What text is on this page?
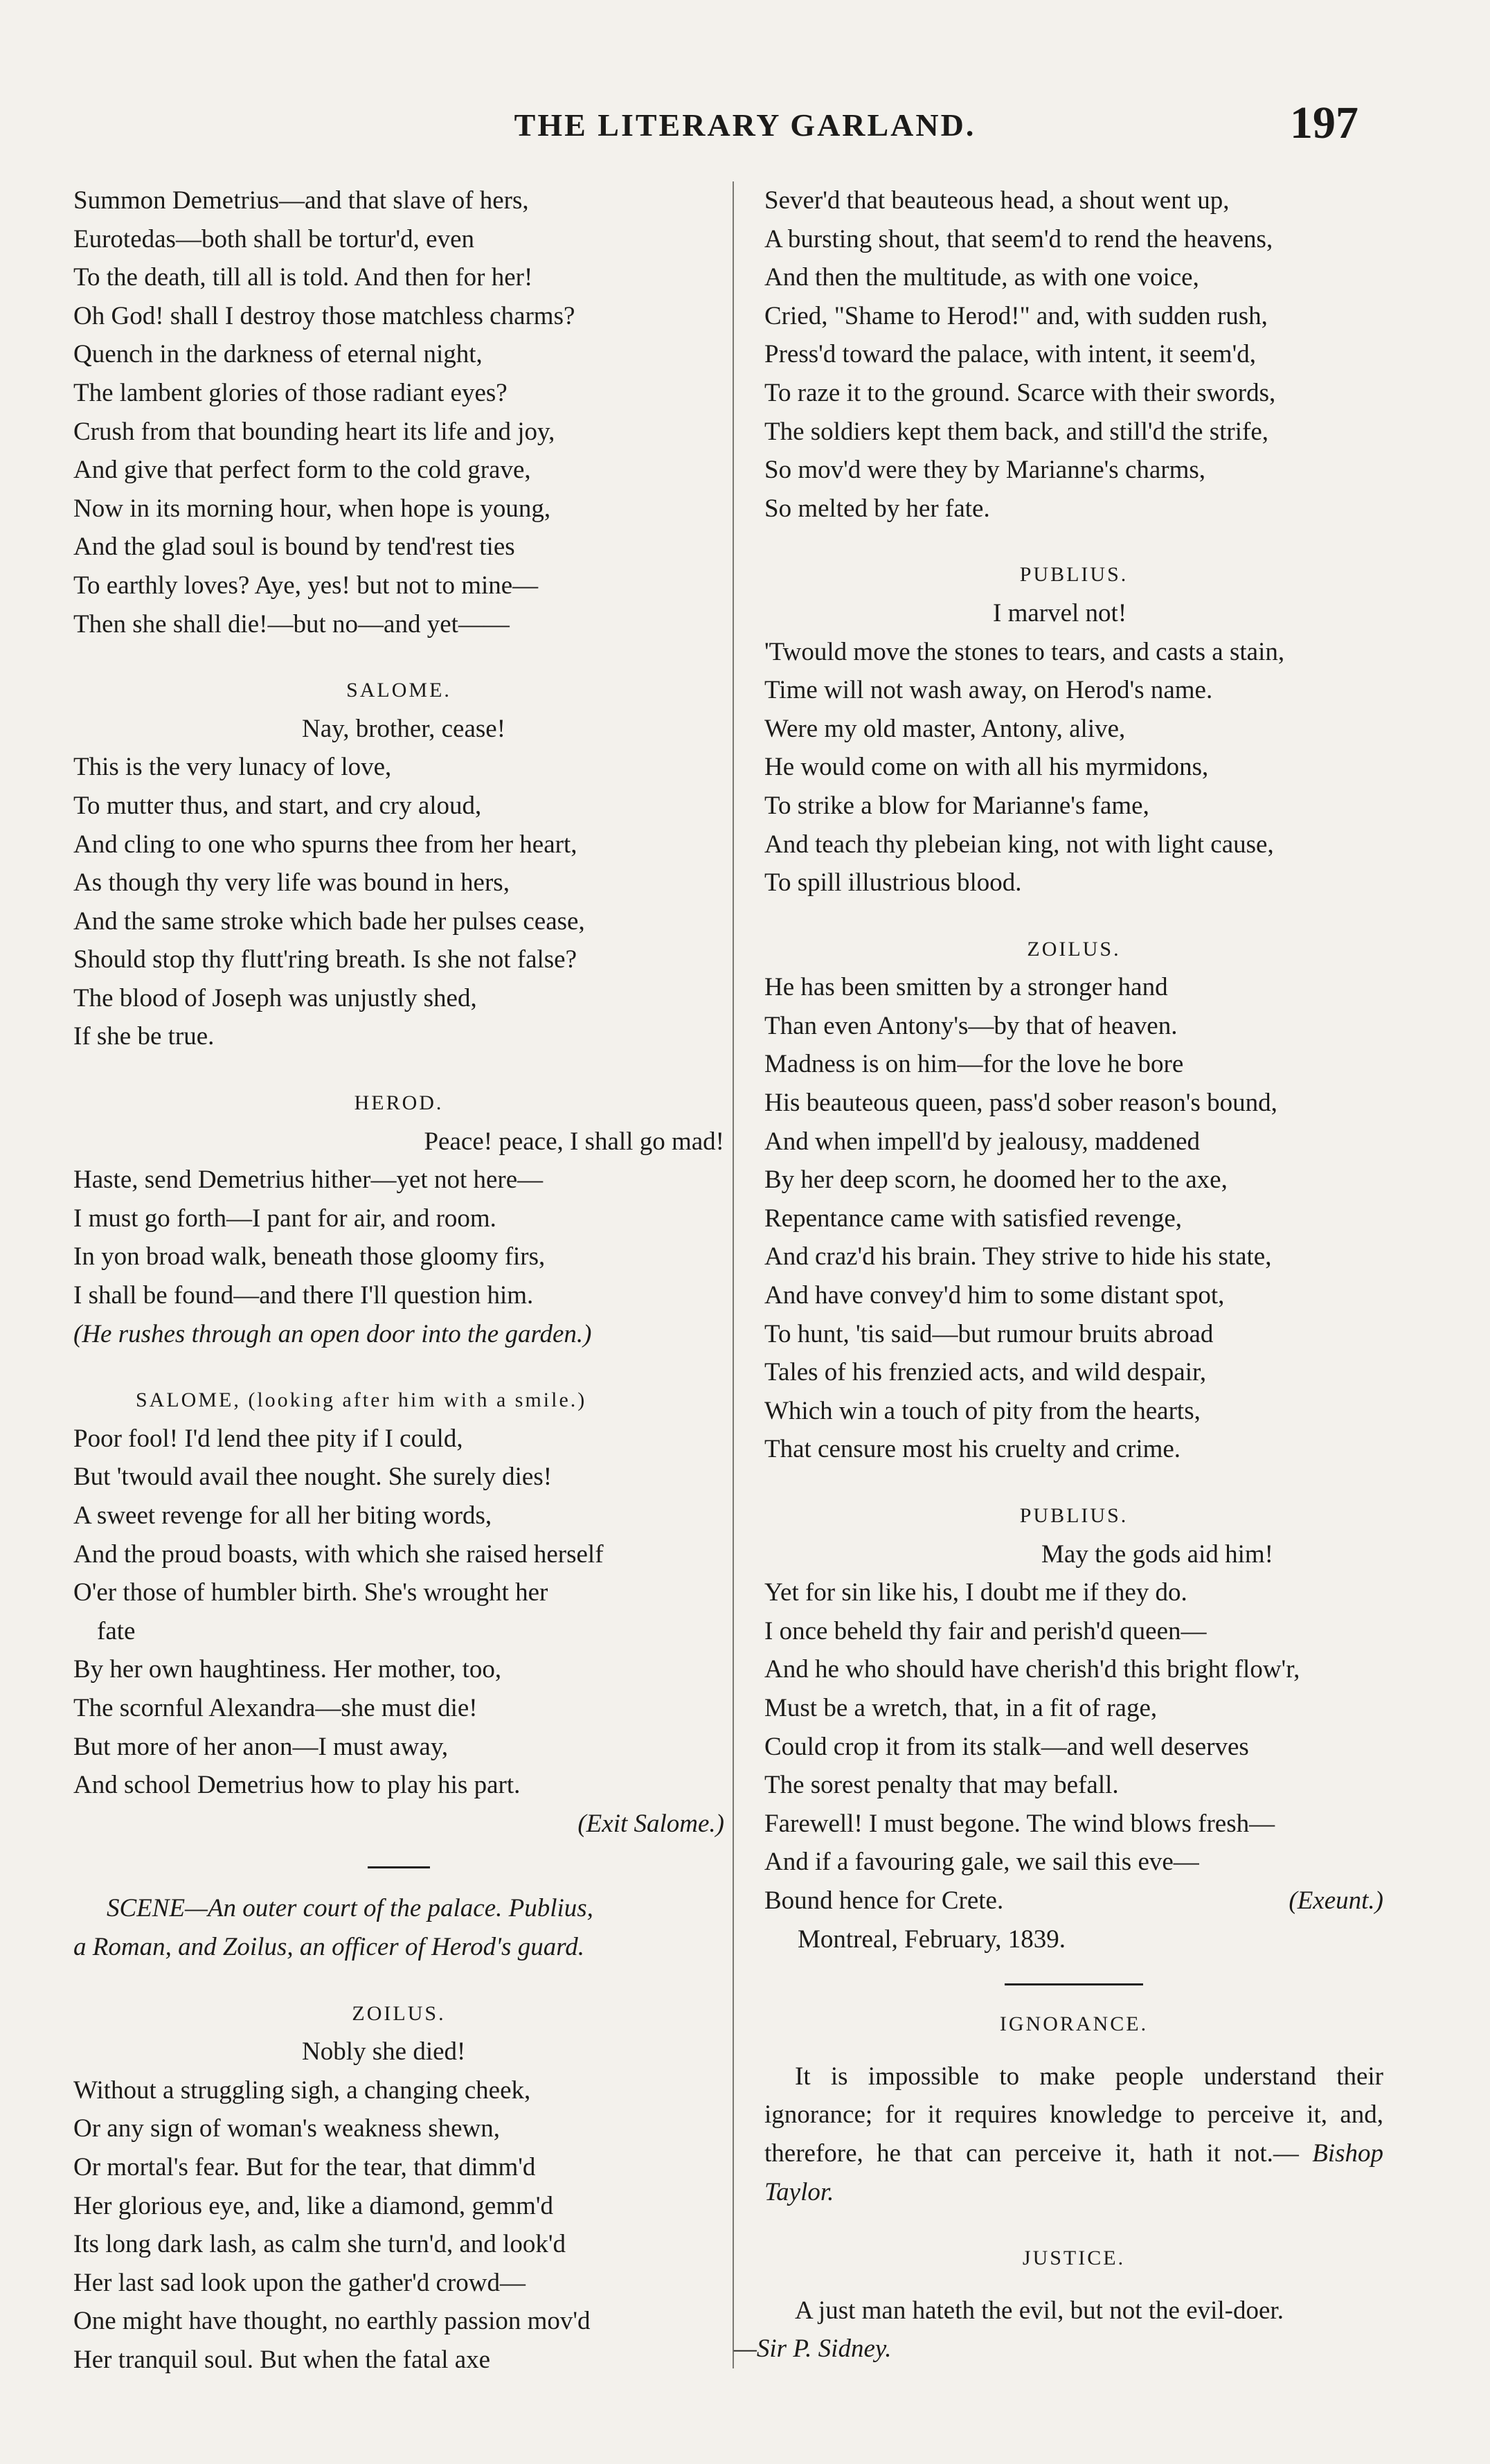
THE LITERARY GARLAND.	197
Summon Demetrius—and that slave of hers,
Eurotedas—both shall be tortur'd, even
To the death, till all is told. And then for her!
Oh God! shall I destroy those matchless charms?
Quench in the darkness of eternal night,
The lambent glories of those radiant eyes?
Crush from that bounding heart its life and joy,
And give that perfect form to the cold grave,
Now in its morning hour, when hope is young,
And the glad soul is bound by tend'rest ties
To earthly loves? Aye, yes! but not to mine—
Then she shall die!—but no—and yet——
SALOME.
Nay, brother, cease!
This is the very lunacy of love,
To mutter thus, and start, and cry aloud,
And cling to one who spurns thee from her heart,
As though thy very life was bound in hers,
And the same stroke which bade her pulses cease,
Should stop thy flutt'ring breath. Is she not false?
The blood of Joseph was unjustly shed,
If she be true.
HEROD.
Peace! peace, I shall go mad!
Haste, send Demetrius hither—yet not here—
I must go forth—I pant for air, and room.
In yon broad walk, beneath those gloomy firs,
I shall be found—and there I'll question him.
(He rushes through an open door into the garden.)
SALOME, (looking after him with a smile.)
Poor fool! I'd lend thee pity if I could,
But 'twould avail thee nought. She surely dies!
A sweet revenge for all her biting words,
And the proud boasts, with which she raised herself
O'er those of humbler birth. She's wrought her
fate
By her own haughtiness. Her mother, too,
The scornful Alexandra—she must die!
But more of her anon—I must away,
And school Demetrius how to play his part.
(Exit Salome.)
SCENE—An outer court of the palace. Publius,
a Roman, and Zoilus, an officer of Herod's guard.
ZOILUS.
Nobly she died!
Without a struggling sigh, a changing cheek,
Or any sign of woman's weakness shewn,
Or mortal's fear. But for the tear, that dimm'd
Her glorious eye, and, like a diamond, gemm'd
Its long dark lash, as calm she turn'd, and look'd
Her last sad look upon the gather'd crowd—
One might have thought, no earthly passion mov'd
Her tranquil soul. But when the fatal axe
Sever'd that beauteous head, a shout went up,
A bursting shout, that seem'd to rend the heavens,
And then the multitude, as with one voice,
Cried, "Shame to Herod!" and, with sudden rush,
Press'd toward the palace, with intent, it seem'd,
To raze it to the ground. Scarce with their swords,
The soldiers kept them back, and still'd the strife,
So mov'd were they by Marianne's charms,
So melted by her fate.
PUBLIUS.
I marvel not!
'Twould move the stones to tears, and casts a stain,
Time will not wash away, on Herod's name.
Were my old master, Antony, alive,
He would come on with all his myrmidons,
To strike a blow for Marianne's fame,
And teach thy plebeian king, not with light cause,
To spill illustrious blood.
ZOILUS.
He has been smitten by a stronger hand
Than even Antony's—by that of heaven.
Madness is on him—for the love he bore
His beauteous queen, pass'd sober reason's bound,
And when impell'd by jealousy, maddened
By her deep scorn, he doomed her to the axe,
Repentance came with satisfied revenge,
And craz'd his brain. They strive to hide his state,
And have convey'd him to some distant spot,
To hunt, 'tis said—but rumour bruits abroad
Tales of his frenzied acts, and wild despair,
Which win a touch of pity from the hearts,
That censure most his cruelty and crime.
PUBLIUS.
May the gods aid him!
Yet for sin like his, I doubt me if they do.
I once beheld thy fair and perish'd queen—
And he who should have cherish'd this bright flow'r,
Must be a wretch, that, in a fit of rage,
Could crop it from its stalk—and well deserves
The sorest penalty that may befall.
Farewell! I must begone. The wind blows fresh—
And if a favouring gale, we sail this eve—
Bound hence for Crete.	(Exeunt.)
Montreal, February, 1839.
IGNORANCE.

It is impossible to make people understand their ignorance; for it requires knowledge to perceive it, and, therefore, he that can perceive it, hath it not.— Bishop Taylor.

JUSTICE.

A just man hateth the evil, but not the evil-doer.
—Sir P. Sidney.
